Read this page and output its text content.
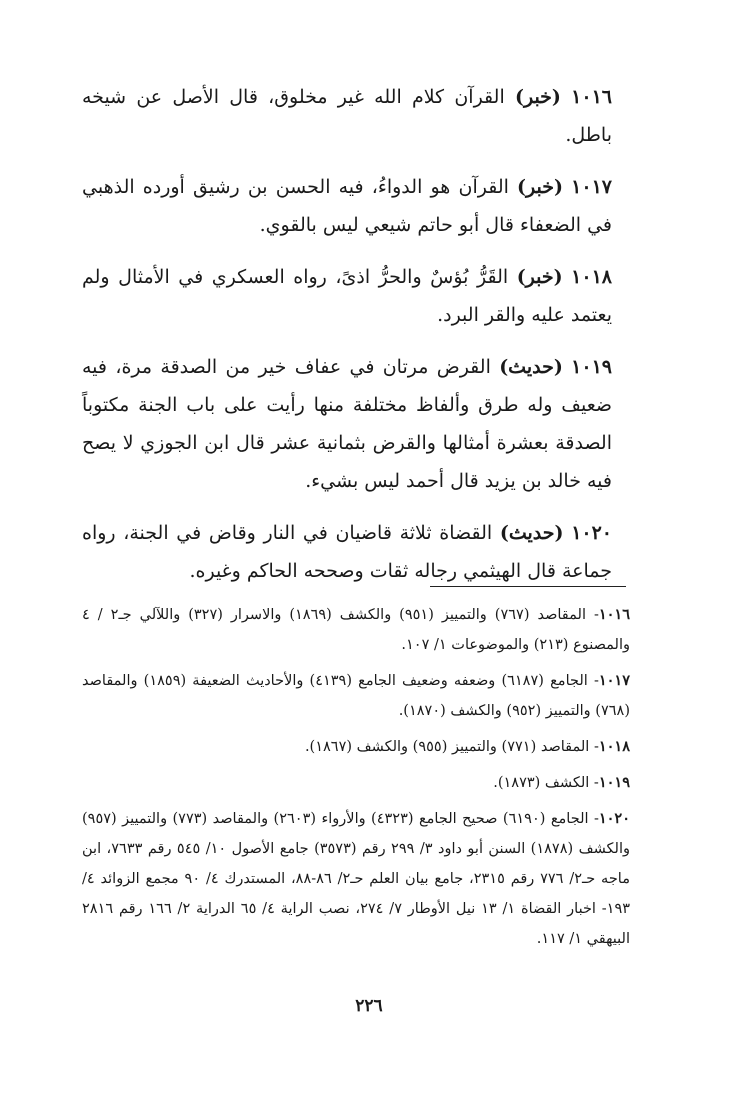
١٠١٦ (خبر) القرآن كلام الله غير مخلوق، قال الأصل عن شيخه باطل.

١٠١٧ (خبر) القرآن هو الدواءُ، فيه الحسن بن رشيق أورده الذهبي في الضعفاء قال أبو حاتم شيعي ليس بالقوي.

١٠١٨ (خبر) القَرُّ بُؤسٌ والحرُّ اذىً، رواه العسكري في الأمثال ولم يعتمد عليه والقر البرد.

١٠١٩ (حديث) القرض مرتان في عفاف خير من الصدقة مرة، فيه ضعيف وله طرق وألفاظ مختلفة منها رأيت على باب الجنة مكتوباً الصدقة بعشرة أمثالها والقرض بثمانية عشر قال ابن الجوزي لا يصح فيه خالد بن يزيد قال أحمد ليس بشيء.

١٠٢٠ (حديث) القضاة ثلاثة قاضيان في النار وقاض في الجنة، رواه جماعة قال الهيثمي رجاله ثقات وصححه الحاكم وغيره.

١٠١٦- المقاصد (٧٦٧) والتمييز (٩٥١) والكشف (١٨٦٩) والاسرار (٣٢٧) واللآلي جـ٢ / ٤ والمصنوع (٢١٣) والموضوعات ١/ ١٠٧.

١٠١٧- الجامع (٦١٨٧) وضعفه وضعيف الجامع (٤١٣٩) والأحاديث الضعيفة (١٨٥٩) والمقاصد (٧٦٨) والتمييز (٩٥٢) والكشف (١٨٧٠).

١٠١٨- المقاصد (٧٧١) والتمييز (٩٥٥) والكشف (١٨٦٧).

١٠١٩- الكشف (١٨٧٣).

١٠٢٠- الجامع (٦١٩٠) صحيح الجامع (٤٣٢٣) والأرواء (٢٦٠٣) والمقاصد (٧٧٣) والتمييز (٩٥٧) والكشف (١٨٧٨) السنن أبو داود ٣/ ٢٩٩ رقم (٣٥٧٣) جامع الأصول ١٠/ ٥٤٥ رقم ٧٦٣٣، ابن ماجه حـ٢/ ٧٧٦ رقم ٢٣١٥، جامع بيان العلم حـ٢/ ٨٦-٨٨، المستدرك ٤/ ٩٠ مجمع الزوائد ٤/ ١٩٣- اخبار القضاة ١/ ١٣ نيل الأوطار ٧/ ٢٧٤، نصب الراية ٤/ ٦٥ الدراية ٢/ ١٦٦ رقم ٢٨١٦ البيهقي ١/ ١١٧.

٢٢٦
